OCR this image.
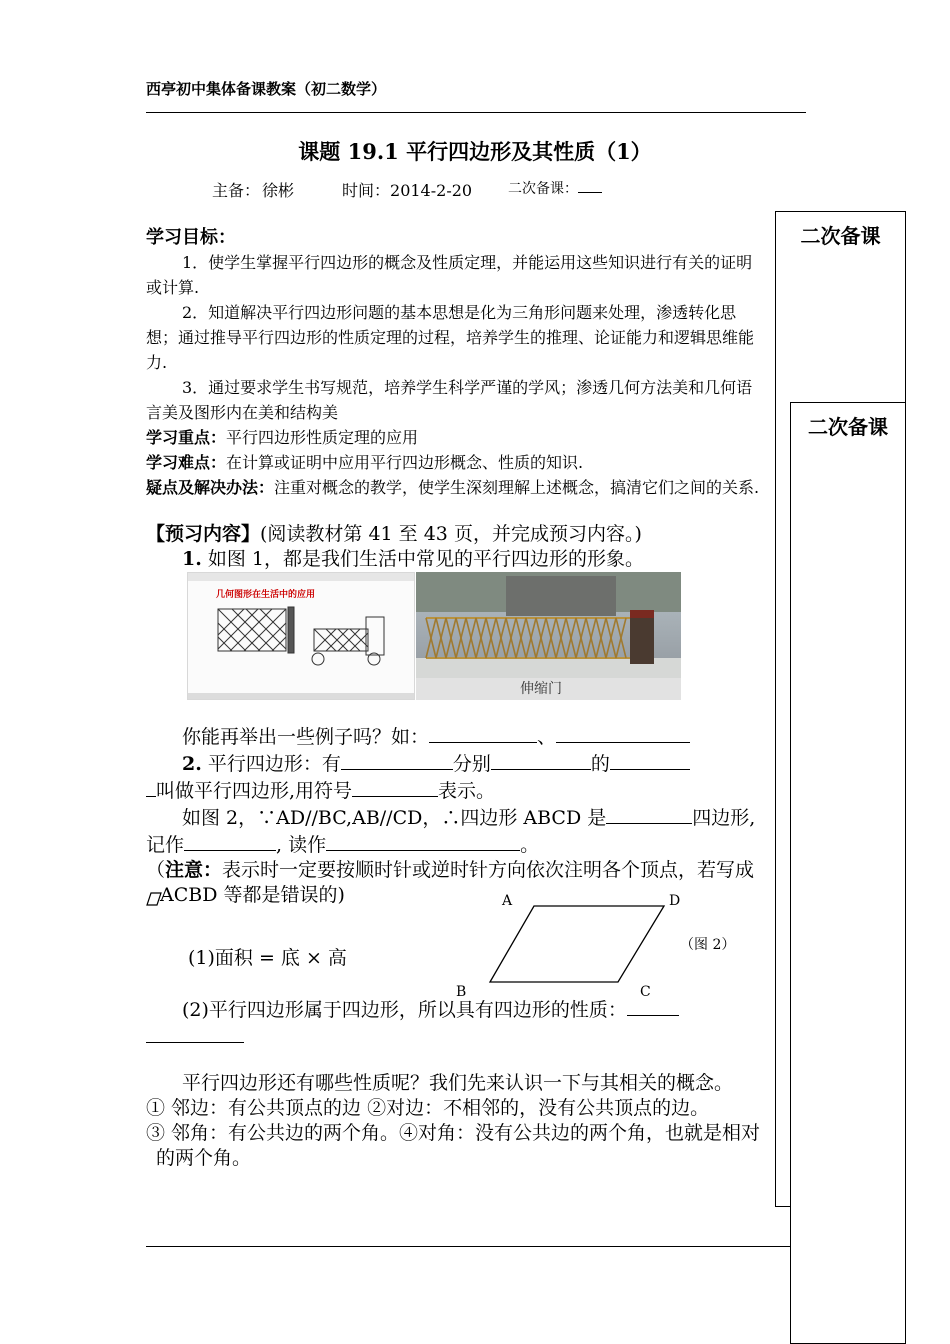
西亭初中集体备课教案（初二数学）
课题 19.1 平行四边形及其性质（1）
主备： 徐彬	时间：2014-2-20	二次备课：
二次备课
二次备课

学习目标：

1．使学生掌握平行四边形的概念及性质定理，并能运用这些知识进行有关的证明或计算.

2．知道解决平行四边形问题的基本思想是化为三角形问题来处理，渗透转化思想；通过推导平行四边形的性质定理的过程，培养学生的推理、论证能力和逻辑思维能力.

3．通过要求学生书写规范，培养学生科学严谨的学风；渗透几何方法美和几何语言美及图形内在美和结构美

学习重点：平行四边形性质定理的应用

学习难点：在计算或证明中应用平行四边形概念、性质的知识.

疑点及解决办法：注重对概念的教学，使学生深刻理解上述概念，搞清它们之间的关系.

【预习内容】(阅读教材第 41 至 43 页，并完成预习内容。)

1. 如图 1，都是我们生活中常见的平行四边形的形象。

几何图形在生活中的应用
伸缩门

你能再举出一些例子吗？如：	、

2. 平行四边形：有	分别	的

叫做平行四边形,用符号	表示。

如图 2，∵AD//BC,AB//CD，∴四边形 ABCD 是	四边形, 记作	, 读作	。

（注意：表示时一定要按顺时针或逆时针方向依次注明各个顶点，若写成
ACBD 等都是错误的)	A	D
B	C
（图 2）
(1)面积 = 底 × 高

(2)平行四边形属于四边形，所以具有四边形的性质：

平行四边形还有哪些性质呢？我们先来认识一下与其相关的概念。

① 邻边：有公共顶点的边 ②对边：不相邻的，没有公共顶点的边。

③ 邻角：有公共边的两个角。④对角：没有公共边的两个角，也就是相对的两个角。
